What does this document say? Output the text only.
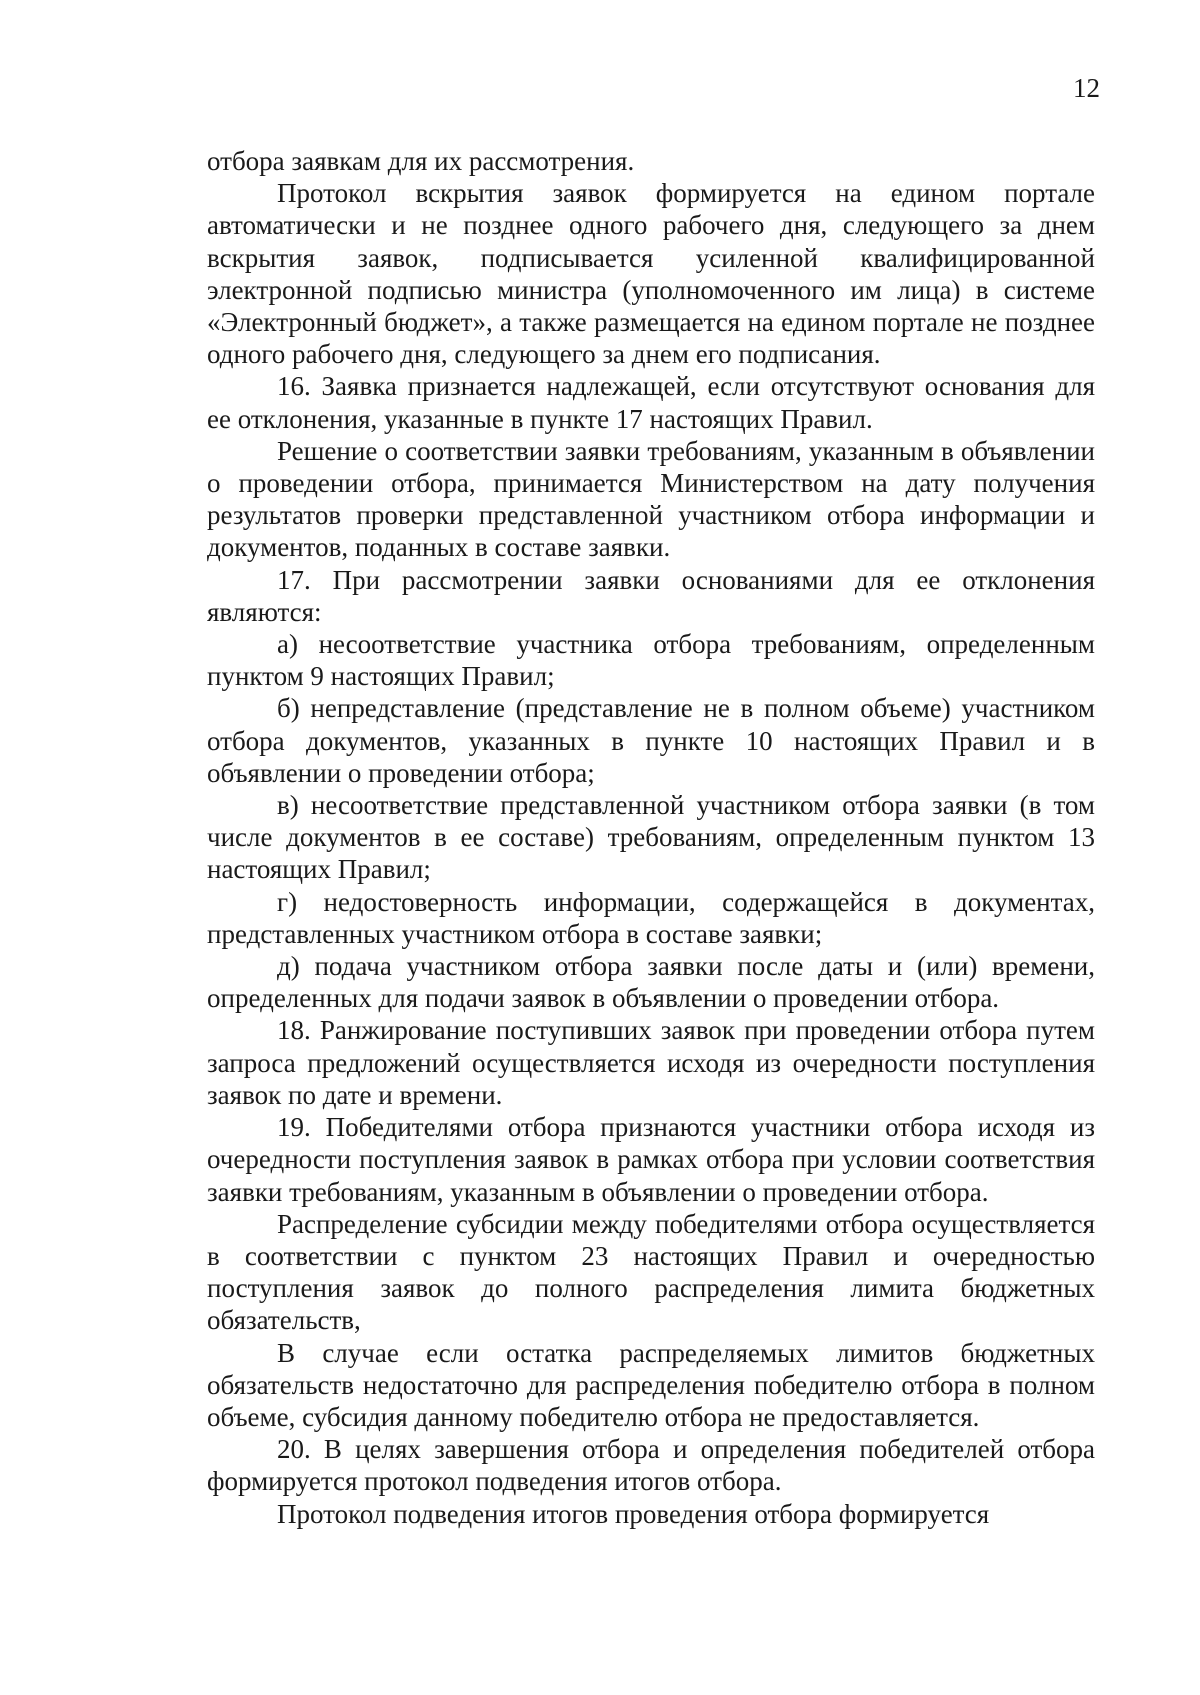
12

отбора заявкам для их рассмотрения.

Протокол вскрытия заявок формируется на едином портале автоматически и не позднее одного рабочего дня, следующего за днем вскрытия заявок, подписывается усиленной квалифицированной электронной подписью министра (уполномоченного им лица) в системе «Электронный бюджет», а также размещается на едином портале не позднее одного рабочего дня, следующего за днем его подписания.

16. Заявка признается надлежащей, если отсутствуют основания для ее отклонения, указанные в пункте 17 настоящих Правил.

Решение о соответствии заявки требованиям, указанным в объявлении о проведении отбора, принимается Министерством на дату получения результатов проверки представленной участником отбора информации и документов, поданных в составе заявки.

17. При рассмотрении заявки основаниями для ее отклонения являются:

а) несоответствие участника отбора требованиям, определенным пунктом 9 настоящих Правил;

б) непредставление (представление не в полном объеме) участником отбора документов, указанных в пункте 10 настоящих Правил и в объявлении о проведении отбора;

в) несоответствие представленной участником отбора заявки (в том числе документов в ее составе) требованиям, определенным пунктом 13 настоящих Правил;

г) недостоверность информации, содержащейся в документах, представленных участником отбора в составе заявки;

д) подача участником отбора заявки после даты и (или) времени, определенных для подачи заявок в объявлении о проведении отбора.

18. Ранжирование поступивших заявок при проведении отбора путем запроса предложений осуществляется исходя из очередности поступления заявок по дате и времени.

19. Победителями отбора признаются участники отбора исходя из очередности поступления заявок в рамках отбора при условии соответствия заявки требованиям, указанным в объявлении о проведении отбора.

Распределение субсидии между победителями отбора осуществляется в соответствии с пунктом 23 настоящих Правил и очередностью поступления заявок до полного распределения лимита бюджетных обязательств,

В случае если остатка распределяемых лимитов бюджетных обязательств недостаточно для распределения победителю отбора в полном объеме, субсидия данному победителю отбора не предоставляется.

20. В целях завершения отбора и определения победителей отбора формируется протокол подведения итогов отбора.

Протокол подведения итогов проведения отбора формируется
